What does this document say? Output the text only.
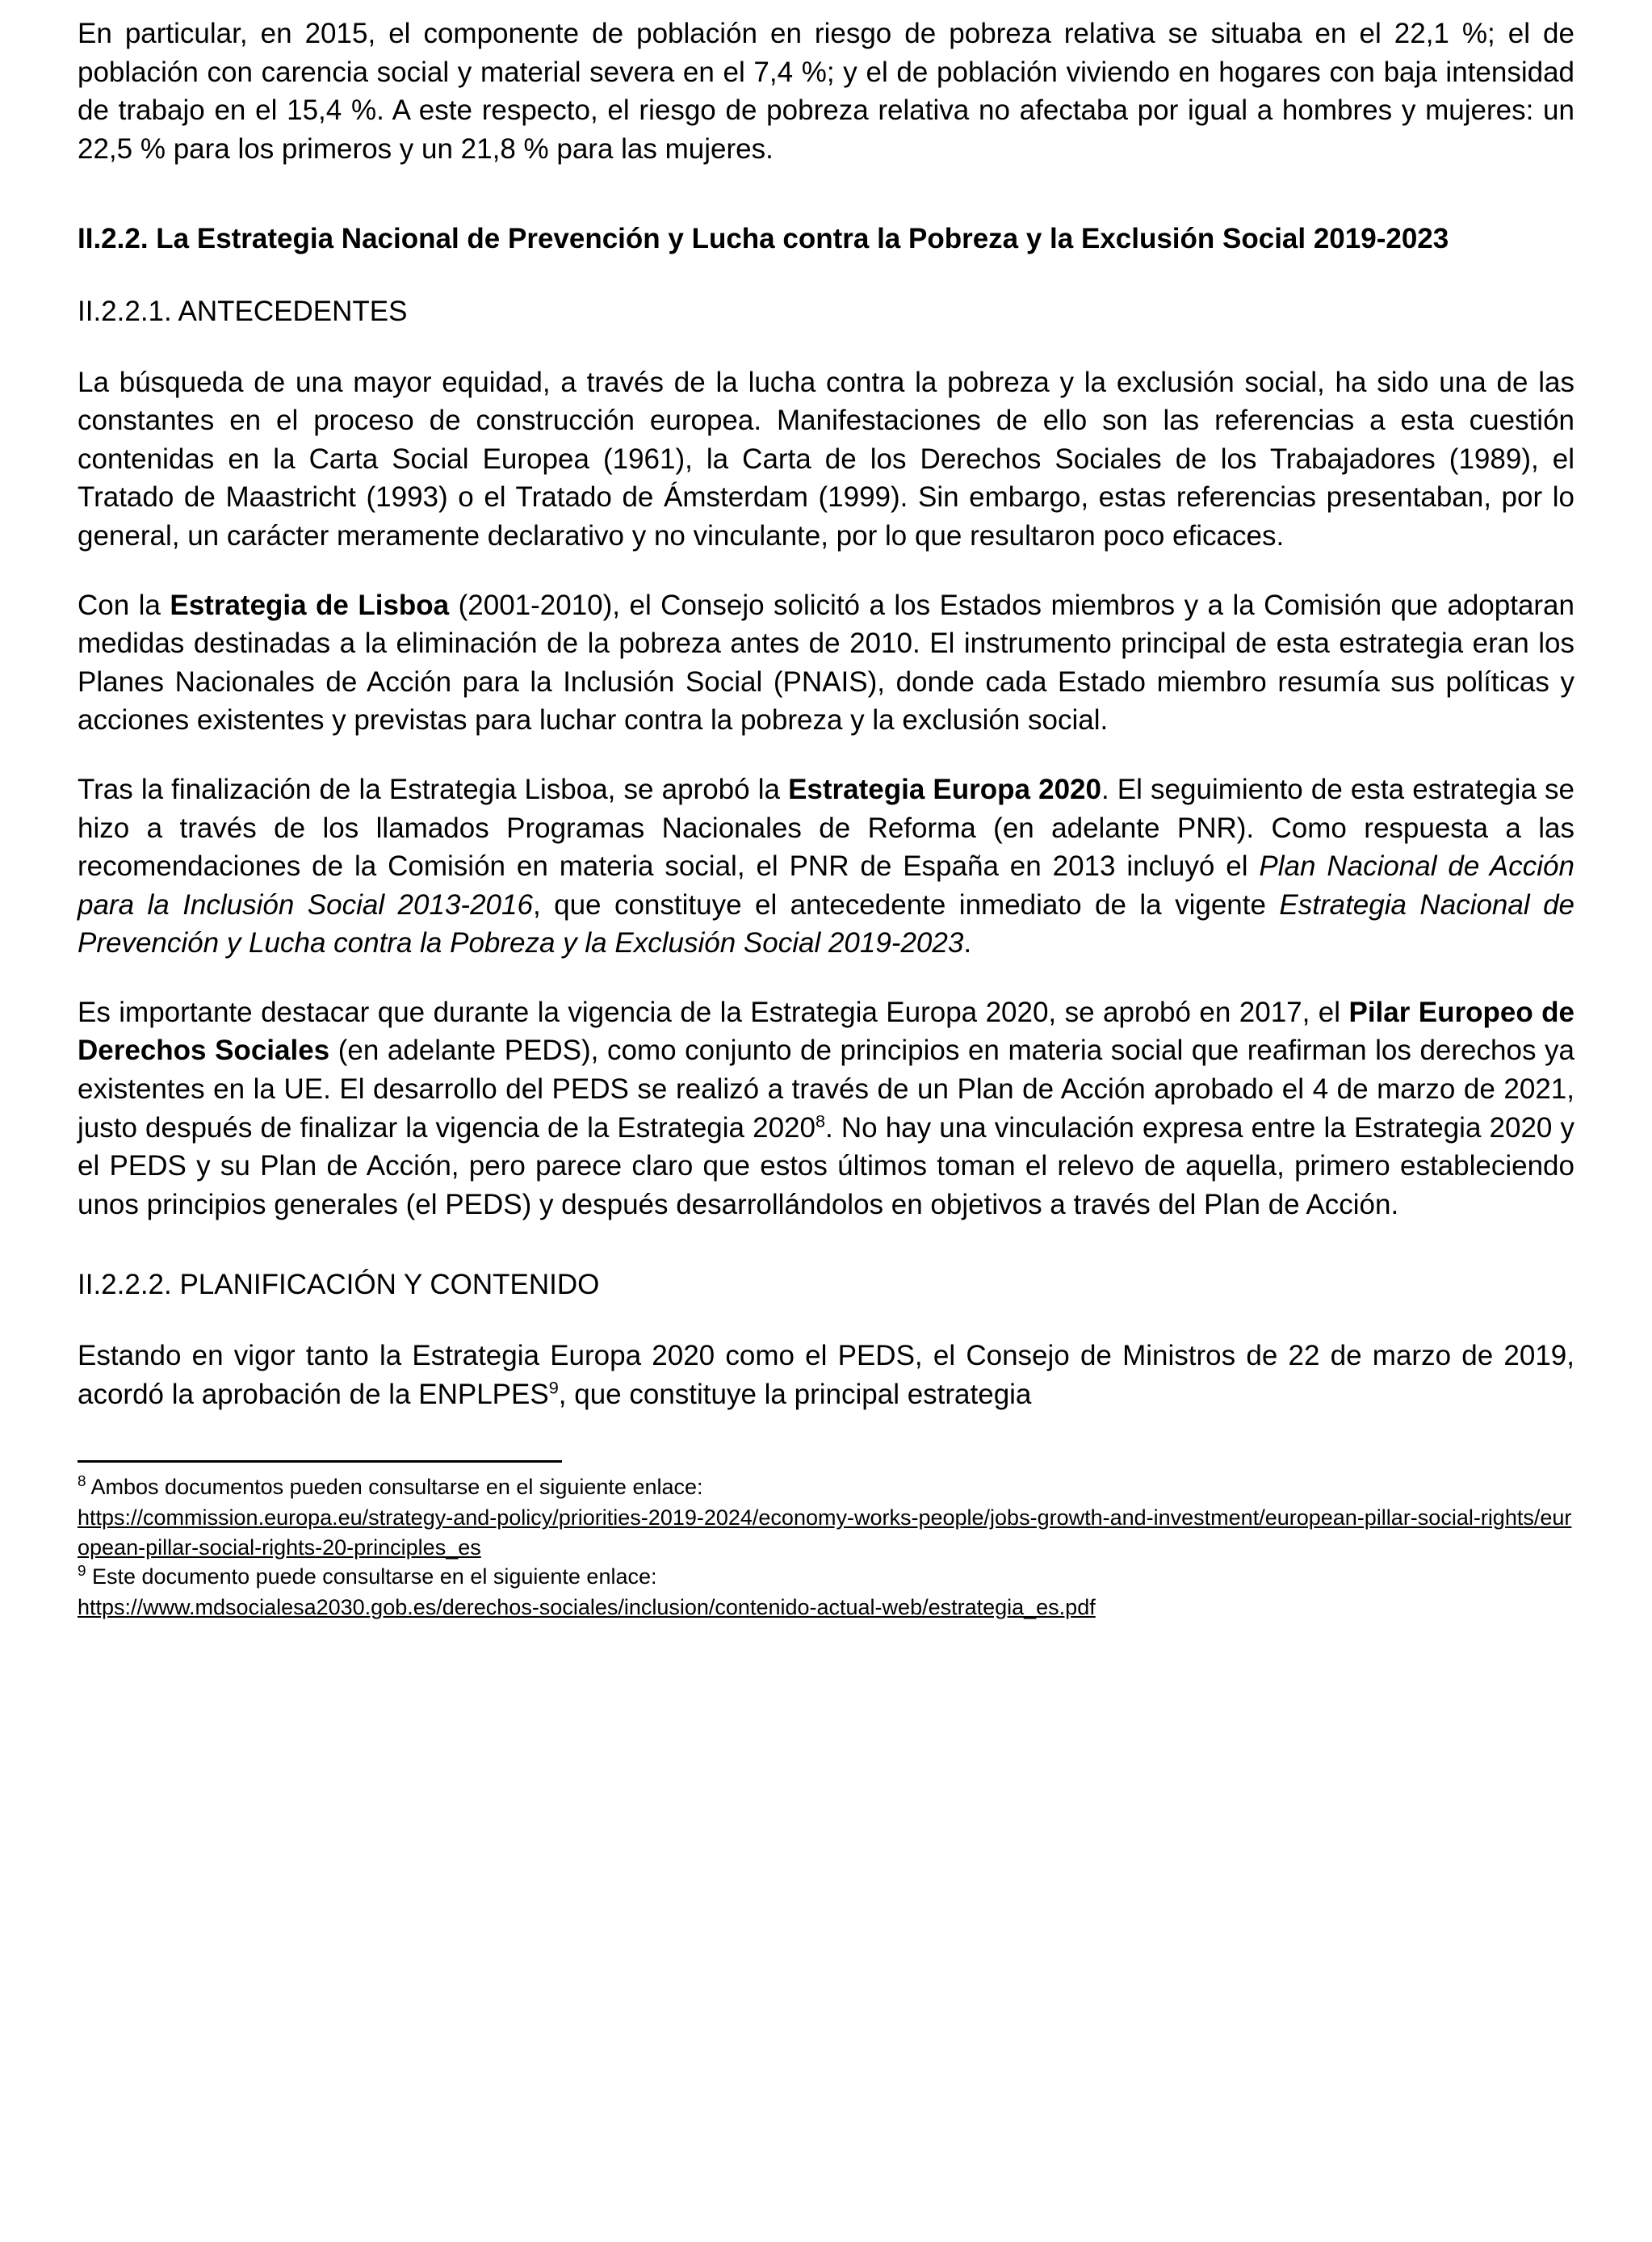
En particular, en 2015, el componente de población en riesgo de pobreza relativa se situaba en el 22,1 %; el de población con carencia social y material severa en el 7,4 %; y el de población viviendo en hogares con baja intensidad de trabajo en el 15,4 %. A este respecto, el riesgo de pobreza relativa no afectaba por igual a hombres y mujeres: un 22,5 % para los primeros y un 21,8 % para las mujeres.

II.2.2. La Estrategia Nacional de Prevención y Lucha contra la Pobreza y la Exclusión Social 2019-2023
II.2.2.1. ANTECEDENTES

La búsqueda de una mayor equidad, a través de la lucha contra la pobreza y la exclusión social, ha sido una de las constantes en el proceso de construcción europea. Manifestaciones de ello son las referencias a esta cuestión contenidas en la Carta Social Europea (1961), la Carta de los Derechos Sociales de los Trabajadores (1989), el Tratado de Maastricht (1993) o el Tratado de Ámsterdam (1999). Sin embargo, estas referencias presentaban, por lo general, un carácter meramente declarativo y no vinculante, por lo que resultaron poco eficaces.

Con la Estrategia de Lisboa (2001-2010), el Consejo solicitó a los Estados miembros y a la Comisión que adoptaran medidas destinadas a la eliminación de la pobreza antes de 2010. El instrumento principal de esta estrategia eran los Planes Nacionales de Acción para la Inclusión Social (PNAIS), donde cada Estado miembro resumía sus políticas y acciones existentes y previstas para luchar contra la pobreza y la exclusión social.

Tras la finalización de la Estrategia Lisboa, se aprobó la Estrategia Europa 2020. El seguimiento de esta estrategia se hizo a través de los llamados Programas Nacionales de Reforma (en adelante PNR). Como respuesta a las recomendaciones de la Comisión en materia social, el PNR de España en 2013 incluyó el Plan Nacional de Acción para la Inclusión Social 2013-2016, que constituye el antecedente inmediato de la vigente Estrategia Nacional de Prevención y Lucha contra la Pobreza y la Exclusión Social 2019-2023.

Es importante destacar que durante la vigencia de la Estrategia Europa 2020, se aprobó en 2017, el Pilar Europeo de Derechos Sociales (en adelante PEDS), como conjunto de principios en materia social que reafirman los derechos ya existentes en la UE. El desarrollo del PEDS se realizó a través de un Plan de Acción aprobado el 4 de marzo de 2021, justo después de finalizar la vigencia de la Estrategia 2020$^8$. No hay una vinculación expresa entre la Estrategia 2020 y el PEDS y su Plan de Acción, pero parece claro que estos últimos toman el relevo de aquella, primero estableciendo unos principios generales (el PEDS) y después desarrollándolos en objetivos a través del Plan de Acción.

II.2.2.2. PLANIFICACIÓN Y CONTENIDO

Estando en vigor tanto la Estrategia Europa 2020 como el PEDS, el Consejo de Ministros de 22 de marzo de 2019, acordó la aprobación de la ENPLPES$^9$, que constituye la principal estrategia

$^8$ Ambos documentos pueden consultarse en el siguiente enlace:
https://commission.europa.eu/strategy-and-policy/priorities-2019-2024/economy-works-people/jobs-growth-and-investment/european-pillar-social-rights/european-pillar-social-rights-20-principles_es
$^9$ Este documento puede consultarse en el siguiente enlace:
https://www.mdsocialesa2030.gob.es/derechos-sociales/inclusion/contenido-actual-web/estrategia_es.pdf
